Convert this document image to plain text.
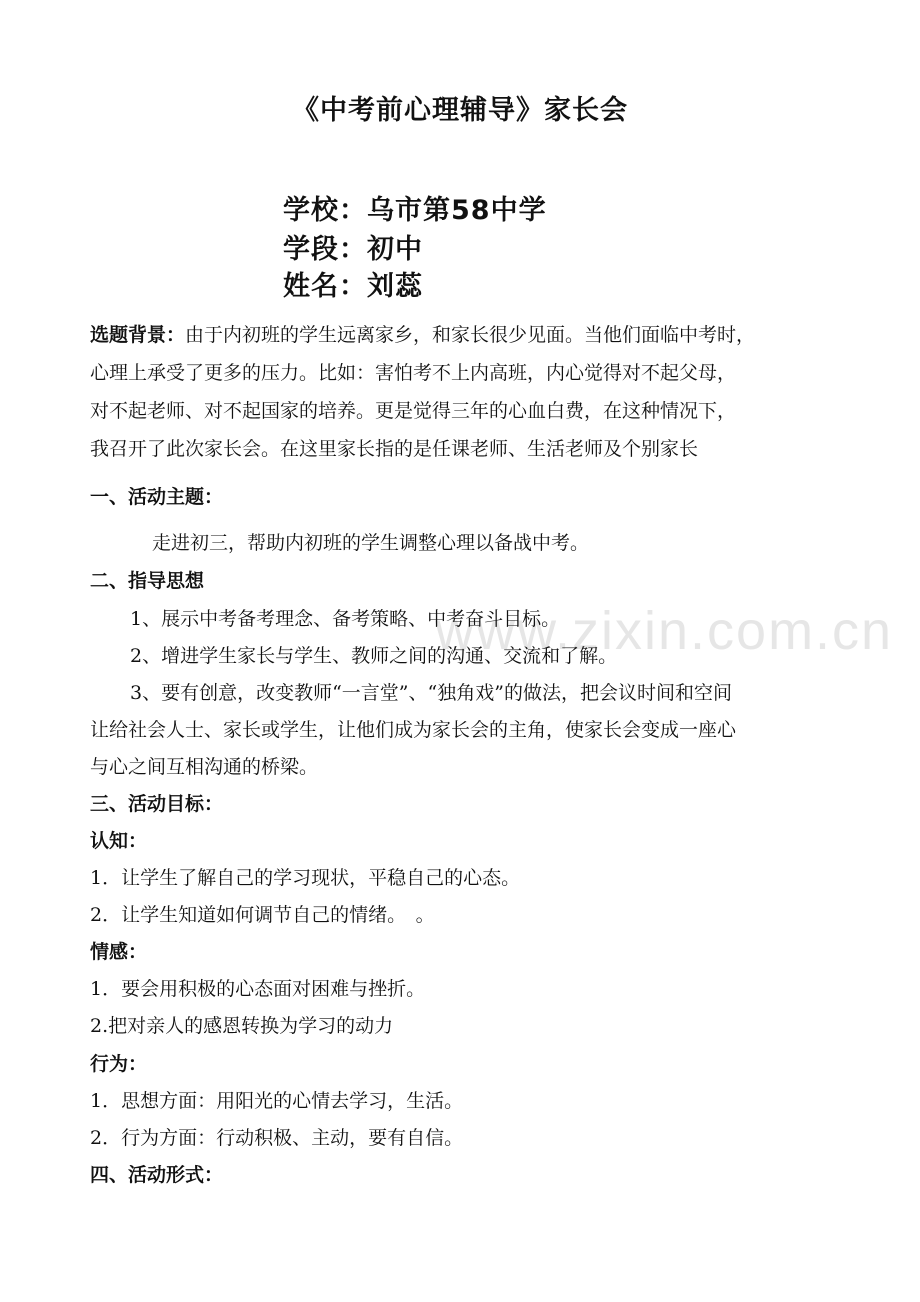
www.zixin.com.cn
《中考前心理辅导》家长会
学校：乌市第58中学
学段：初中
姓名：刘蕊
选题背景：由于内初班的学生远离家乡，和家长很少见面。当他们面临中考时，
心理上承受了更多的压力。比如：害怕考不上内高班，内心觉得对不起父母，
对不起老师、对不起国家的培养。更是觉得三年的心血白费，在这种情况下，
我召开了此次家长会。在这里家长指的是任课老师、生活老师及个别家长
一、活动主题：
走进初三，帮助内初班的学生调整心理以备战中考。
二、指导思想
1、展示中考备考理念、备考策略、中考奋斗目标。
2、增进学生家长与学生、教师之间的沟通、交流和了解。
3、要有创意，改变教师“一言堂”、“独角戏”的做法，把会议时间和空间
让给社会人士、家长或学生，让他们成为家长会的主角，使家长会变成一座心
与心之间互相沟通的桥梁。
三、活动目标：
认知：
1．让学生了解自己的学习现状，平稳自己的心态。
2．让学生知道如何调节自己的情绪。　。
情感：
1．要会用积极的心态面对困难与挫折。
2.把对亲人的感恩转换为学习的动力
行为：
1．思想方面：用阳光的心情去学习，生活。
2．行为方面：行动积极、主动，要有自信。
四、活动形式：
